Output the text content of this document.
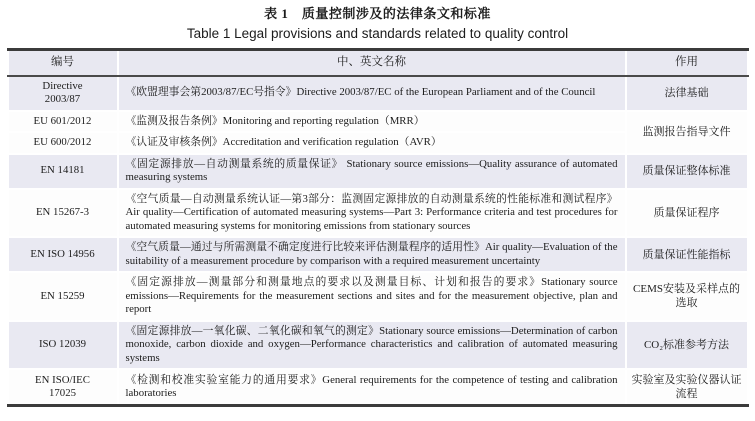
表 1　质量控制涉及的法律条文和标准
Table 1 Legal provisions and standards related to quality control
编号	中、英文名称	作用
Directive 2003/87	《欧盟理事会第2003/87/EC号指令》Directive 2003/87/EC of the European Parliament and of the Council	法律基础
EU 601/2012	《监测及报告条例》Monitoring and reporting regulation（MRR）	监测报告指导文件
EU 600/2012	《认证及审核条例》Accreditation and verification regulation（AVR）	
EN 14181	《固定源排放—自动测量系统的质量保证》 Stationary source emissions—Quality assurance of automated measuring systems	质量保证整体标准
EN 15267-3	《空气质量—自动测量系统认证—第3部分：监测固定源排放的自动测量系统的性能标准和测试程序》Air quality—Certification of automated measuring systems—Part 3: Performance criteria and test procedures for automated measuring systems for monitoring emissions from stationary sources	质量保证程序
EN ISO 14956	《空气质量—通过与所需测量不确定度进行比较来评估测量程序的适用性》Air quality—Evaluation of the suitability of a measurement procedure by comparison with a required measurement uncertainty	质量保证性能指标
EN 15259	《固定源排放—测量部分和测量地点的要求以及测量目标、计划和报告的要求》Stationary source emissions—Requirements for the measurement sections and sites and for the measurement objective, plan and report	CEMS安装及采样点的选取
ISO 12039	《固定源排放—一氧化碳、二氧化碳和氧气的测定》Stationary source emissions—Determination of carbon monoxide, carbon dioxide and oxygen—Performance characteristics and calibration of automated measuring systems	CO₂标准参考方法
EN ISO/IEC 17025	《检测和校准实验室能力的通用要求》General requirements for the competence of testing and calibration laboratories	实验室及实验仪器认证流程
